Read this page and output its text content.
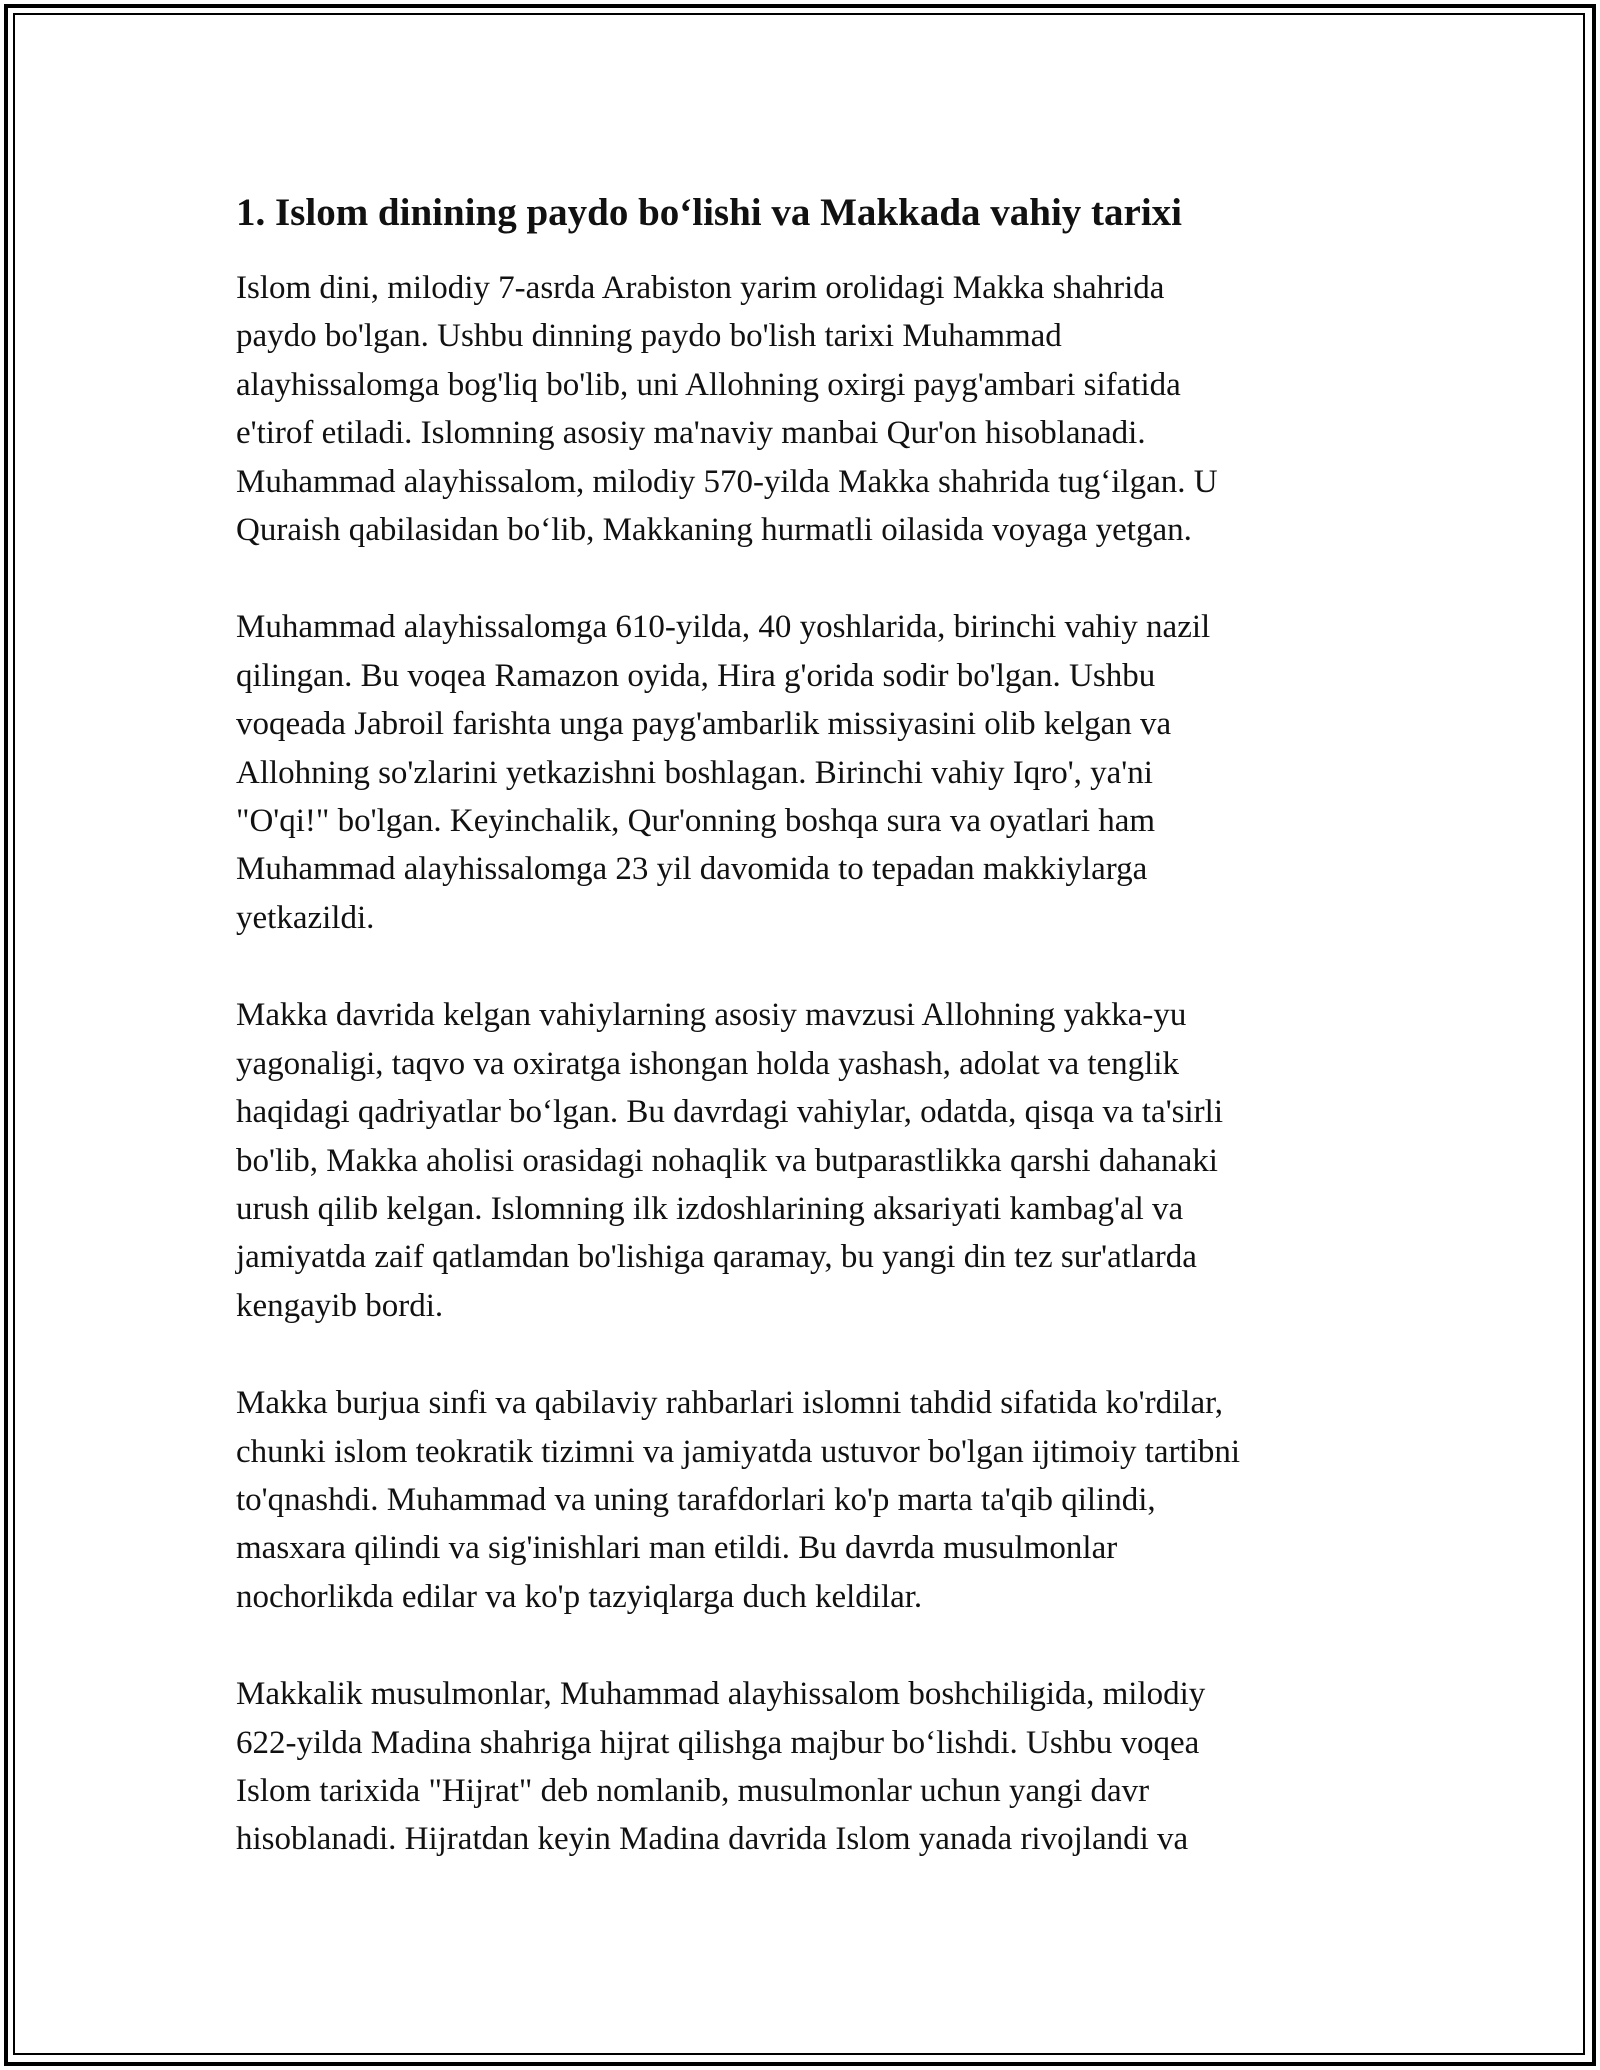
1. Islom dinining paydo bo‘lishi va Makkada vahiy tarixi

Islom dini, milodiy 7-asrda Arabiston yarim orolidagi Makka shahrida
paydo bo'lgan. Ushbu dinning paydo bo'lish tarixi Muhammad
alayhissalomga bog'liq bo'lib, uni Allohning oxirgi payg'ambari sifatida
e'tirof etiladi. Islomning asosiy ma'naviy manbai Qur'on hisoblanadi.
Muhammad alayhissalom, milodiy 570-yilda Makka shahrida tug‘ilgan. U
Quraish qabilasidan bo‘lib, Makkaning hurmatli oilasida voyaga yetgan.

Muhammad alayhissalomga 610-yilda, 40 yoshlarida, birinchi vahiy nazil
qilingan. Bu voqea Ramazon oyida, Hira g'orida sodir bo'lgan. Ushbu
voqeada Jabroil farishta unga payg'ambarlik missiyasini olib kelgan va
Allohning so'zlarini yetkazishni boshlagan. Birinchi vahiy Iqro', ya'ni
"O'qi!" bo'lgan. Keyinchalik, Qur'onning boshqa sura va oyatlari ham
Muhammad alayhissalomga 23 yil davomida to tepadan makkiylarga
yetkazildi.

Makka davrida kelgan vahiylarning asosiy mavzusi Allohning yakka-yu
yagonaligi, taqvo va oxiratga ishongan holda yashash, adolat va tenglik
haqidagi qadriyatlar bo‘lgan. Bu davrdagi vahiylar, odatda, qisqa va ta'sirli
bo'lib, Makka aholisi orasidagi nohaqlik va butparastlikka qarshi dahanaki
urush qilib kelgan. Islomning ilk izdoshlarining aksariyati kambag'al va
jamiyatda zaif qatlamdan bo'lishiga qaramay, bu yangi din tez sur'atlarda
kengayib bordi.

Makka burjua sinfi va qabilaviy rahbarlari islomni tahdid sifatida ko'rdilar,
chunki islom teokratik tizimni va jamiyatda ustuvor bo'lgan ijtimoiy tartibni
to'qnashdi. Muhammad va uning tarafdorlari ko'p marta ta'qib qilindi,
masxara qilindi va sig'inishlari man etildi. Bu davrda musulmonlar
nochorlikda edilar va ko'p tazyiqlarga duch keldilar.

Makkalik musulmonlar, Muhammad alayhissalom boshchiligida, milodiy
622-yilda Madina shahriga hijrat qilishga majbur bo‘lishdi. Ushbu voqea
Islom tarixida "Hijrat" deb nomlanib, musulmonlar uchun yangi davr
hisoblanadi. Hijratdan keyin Madina davrida Islom yanada rivojlandi va
